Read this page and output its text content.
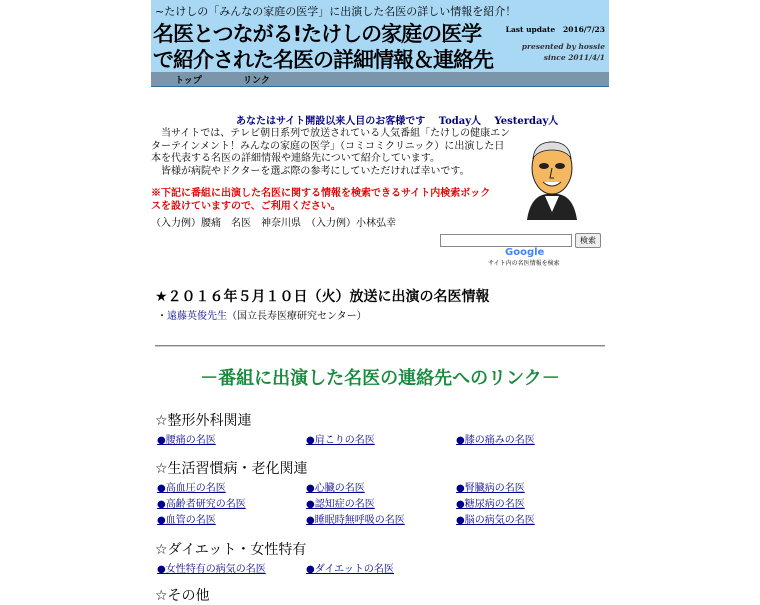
~たけしの「みんなの家庭の医学」に出演した名医の詳しい情報を紹介！
名医とつながる!たけしの家庭の医学
で紹介された名医の詳細情報＆連絡先
Last update 2016/7/23
presented by hossie
since 2011/4/1
トップ	リンク
あなたはサイト開設以来人目のお客様です　 Today人　 Yesterday人

当サイトでは、テレビ朝日系列で放送されている人気番組「たけしの健康エンターテインメント！みんなの家庭の医学」（コミコミクリニック）に出演した日本を代表する名医の詳細情報や連絡先について紹介しています。

皆様が病院やドクターを選ぶ際の参考にしていただければ幸いです。

※下記に番組に出演した名医に関する情報を検索できるサイト内検索ボックスを設けていますので、ご利用ください。
（入力例）腰痛　名医　神奈川県　（入力例）小林弘幸
検索
Google
サイト内の名医情報を検索
★２０１６年５月１０日（火）放送に出演の名医情報
・遠藤英俊先生（国立長寿医療研究センター）
－番組に出演した名医の連絡先へのリンク－
☆整形外科関連
●腰痛の名医	●肩こりの名医	●膝の痛みの名医
☆生活習慣病・老化関連
●高血圧の名医	●心臓の名医	●腎臓病の名医
●高齢者研究の名医	●認知症の名医	●糖尿病の名医
●血管の名医	●睡眠時無呼吸の名医	●脳の病気の名医
☆ダイエット・女性特有
●女性特有の病気の名医	●ダイエットの名医
☆その他
